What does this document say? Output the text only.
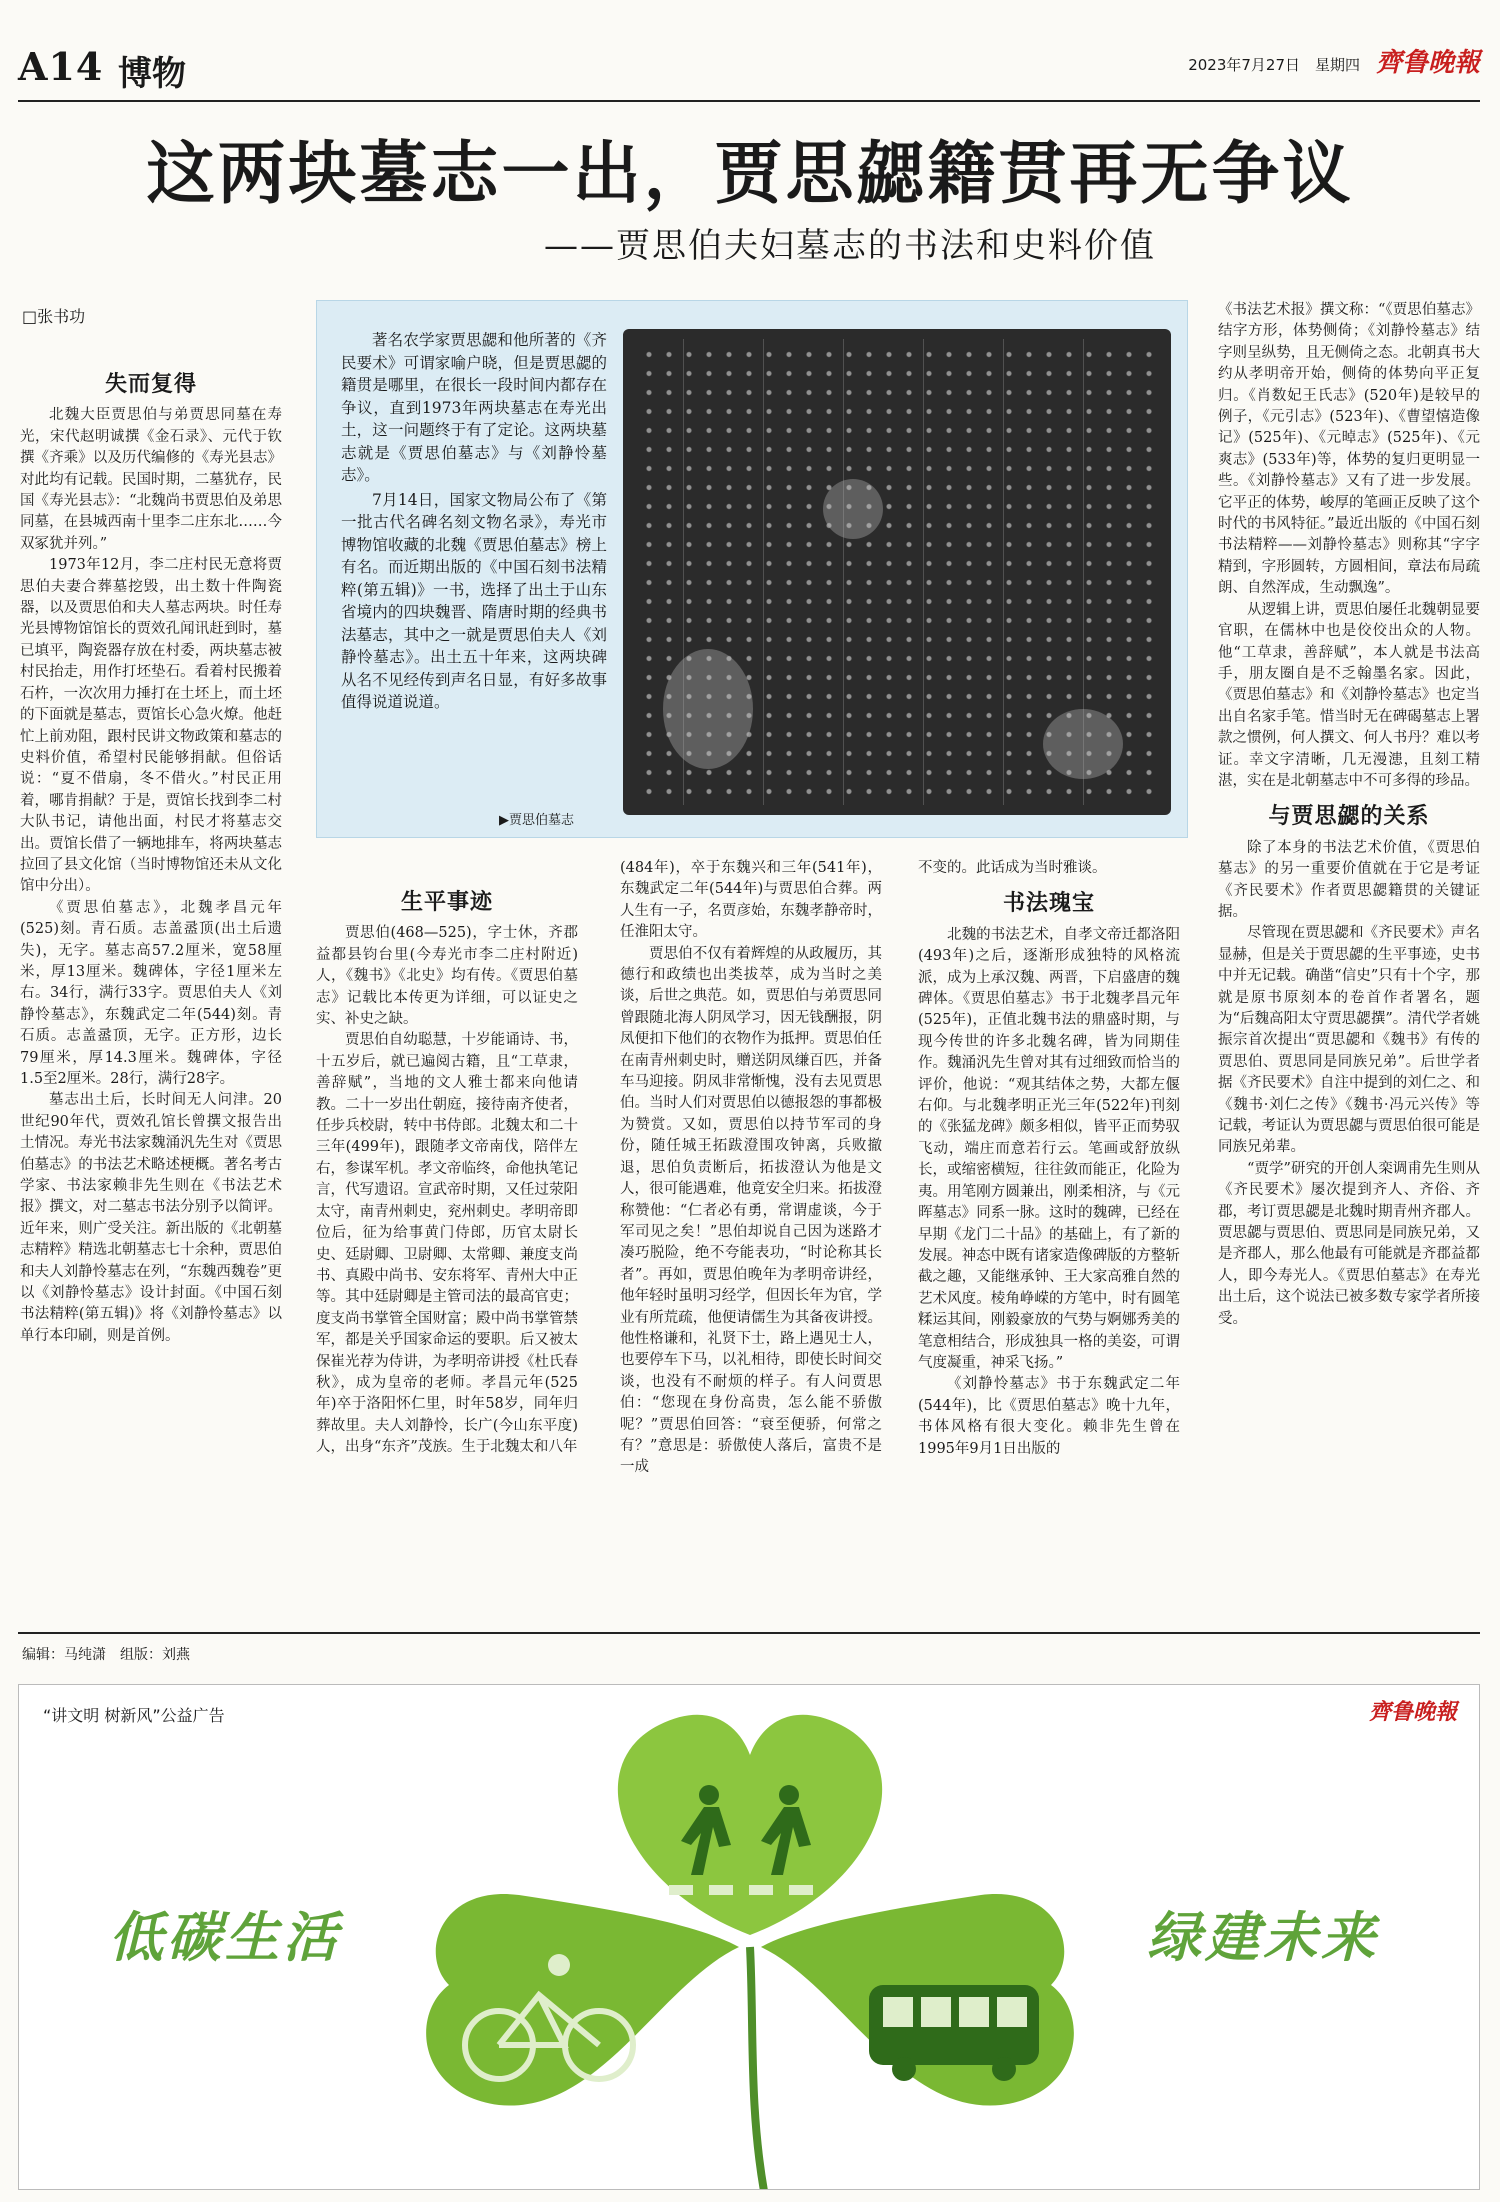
A14 博物	2023年7月27日 星期四 齊鲁晚報
这两块墓志一出，贾思勰籍贯再无争议
——贾思伯夫妇墓志的书法和史料价值
□张书功
失而复得

北魏大臣贾思伯与弟贾思同墓在寿光，宋代赵明诚撰《金石录》、元代于钦撰《齐乘》以及历代编修的《寿光县志》对此均有记载。民国时期，二墓犹存，民国《寿光县志》：“北魏尚书贾思伯及弟思同墓，在县城西南十里李二庄东北……今双冢犹并列。”

1973年12月，李二庄村民无意将贾思伯夫妻合葬墓挖毁，出土数十件陶瓷器，以及贾思伯和夫人墓志两块。时任寿光县博物馆馆长的贾效孔闻讯赶到时，墓已填平，陶瓷器存放在村委，两块墓志被村民抬走，用作打坯垫石。看着村民搬着石杵，一次次用力捶打在土坯上，而土坯的下面就是墓志，贾馆长心急火燎。他赶忙上前劝阻，跟村民讲文物政策和墓志的史料价值，希望村民能够捐献。但俗话说：“夏不借扇，冬不借火。”村民正用着，哪肯捐献？于是，贾馆长找到李二村大队书记，请他出面，村民才将墓志交出。贾馆长借了一辆地排车，将两块墓志拉回了县文化馆（当时博物馆还未从文化馆中分出）。

《贾思伯墓志》，北魏孝昌元年(525)刻。青石质。志盖盝顶(出土后遗失)，无字。墓志高57.2厘米，宽58厘米，厚13厘米。魏碑体，字径1厘米左右。34行，满行33字。贾思伯夫人《刘静怜墓志》，东魏武定二年(544)刻。青石质。志盖盝顶，无字。正方形，边长79厘米，厚14.3厘米。魏碑体，字径1.5至2厘米。28行，满行28字。

墓志出土后，长时间无人问津。20世纪90年代，贾效孔馆长曾撰文报告出土情况。寿光书法家魏涌汎先生对《贾思伯墓志》的书法艺术略述梗概。著名考古学家、书法家赖非先生则在《书法艺术报》撰文，对二墓志书法分别予以简评。近年来，则广受关注。新出版的《北朝墓志精粹》精选北朝墓志七十余种，贾思伯和夫人刘静怜墓志在列，“东魏西魏卷”更以《刘静怜墓志》设计封面。《中国石刻书法精粹(第五辑)》将《刘静怜墓志》以单行本印刷，则是首例。

著名农学家贾思勰和他所著的《齐民要术》可谓家喻户晓，但是贾思勰的籍贯是哪里，在很长一段时间内都存在争议，直到1973年两块墓志在寿光出土，这一问题终于有了定论。这两块墓志就是《贾思伯墓志》与《刘静怜墓志》。

7月14日，国家文物局公布了《第一批古代名碑名刻文物名录》，寿光市博物馆收藏的北魏《贾思伯墓志》榜上有名。而近期出版的《中国石刻书法精粹(第五辑)》一书，选择了出土于山东省境内的四块魏晋、隋唐时期的经典书法墓志，其中之一就是贾思伯夫人《刘静怜墓志》。出土五十年来，这两块碑从名不见经传到声名日显，有好多故事值得说道说道。

▶贾思伯墓志
生平事迹

贾思伯(468—525)，字士休，齐郡益都县钧台里(今寿光市李二庄村附近)人，《魏书》《北史》均有传。《贾思伯墓志》记载比本传更为详细，可以证史之实、补史之缺。

贾思伯自幼聪慧，十岁能诵诗、书，十五岁后，就已遍阅古籍，且“工草隶，善辞赋”，当地的文人雅士都来向他请教。二十一岁出仕朝庭，接待南齐使者，任步兵校尉，转中书侍郎。北魏太和二十三年(499年)，跟随孝文帝南伐，陪伴左右，参谋军机。孝文帝临终，命他执笔记言，代写遗诏。宣武帝时期，又任过荥阳太守，南青州刺史，兖州刺史。孝明帝即位后，征为给事黄门侍郎，历官太尉长史、廷尉卿、卫尉卿、太常卿、兼度支尚书、真殿中尚书、安东将军、青州大中正等。其中廷尉卿是主管司法的最高官吏；度支尚书掌管全国财富；殿中尚书掌管禁军，都是关乎国家命运的要职。后又被太保崔光荐为侍讲，为孝明帝讲授《杜氏春秋》，成为皇帝的老师。孝昌元年(525年)卒于洛阳怀仁里，时年58岁，同年归葬故里。夫人刘静怜，长广(今山东平度)人，出身“东齐”茂族。生于北魏太和八年

(484年)，卒于东魏兴和三年(541年)，东魏武定二年(544年)与贾思伯合葬。两人生有一子，名贾彦始，东魏孝静帝时，任淮阳太守。

贾思伯不仅有着辉煌的从政履历，其德行和政绩也出类拔萃，成为当时之美谈，后世之典范。如，贾思伯与弟贾思同曾跟随北海人阴凤学习，因无钱酬报，阴凤便扣下他们的衣物作为抵押。贾思伯任在南青州刺史时，赠送阴凤缣百匹，并备车马迎接。阴凤非常惭愧，没有去见贾思伯。当时人们对贾思伯以德报怨的事都极为赞赏。又如，贾思伯以持节军司的身份，随任城王拓跋澄围攻钟离，兵败撤退，思伯负责断后，拓拔澄认为他是文人，很可能遇难，他竟安全归来。拓拔澄称赞他：“仁者必有勇，常谓虚谈，今于军司见之矣！”思伯却说自己因为迷路才凑巧脱险，绝不夸能表功，“时论称其长者”。再如，贾思伯晚年为孝明帝讲经，他年轻时虽明习经学，但因长年为官，学业有所荒疏，他便请儒生为其备夜讲授。他性格谦和，礼贤下士，路上遇见士人，也要停车下马，以礼相待，即使长时间交谈，也没有不耐烦的样子。有人问贾思伯：“您现在身份高贵，怎么能不骄傲呢？”贾思伯回答：“衰至便骄，何常之有？”意思是：骄傲使人落后，富贵不是一成

不变的。此话成为当时雅谈。

书法瑰宝

北魏的书法艺术，自孝文帝迁都洛阳(493年)之后，逐渐形成独特的风格流派，成为上承汉魏、两晋，下启盛唐的魏碑体。《贾思伯墓志》书于北魏孝昌元年(525年)，正值北魏书法的鼎盛时期，与现今传世的许多北魏名碑，皆为同期佳作。魏涌汎先生曾对其有过细致而恰当的评价，他说：“观其结体之势，大都左偃右仰。与北魏孝明正光三年(522年)刊刻的《张猛龙碑》颇多相似，皆平正而势驭飞动，端庄而意若行云。笔画或舒放纵长，或缩密横短，往往敛而能正，化险为夷。用笔刚方圆兼出，刚柔相济，与《元晖墓志》同系一脉。这时的魏碑，已经在早期《龙门二十品》的基础上，有了新的发展。神态中既有诸家造像碑版的方整斩截之趣，又能继承钟、王大家高雅自然的艺术风度。棱角峥嵘的方笔中，时有圆笔糅运其间，刚毅豪放的气势与婀娜秀美的笔意相结合，形成独具一格的美姿，可谓气度凝重，神采飞扬。”

《刘静怜墓志》书于东魏武定二年(544年)，比《贾思伯墓志》晚十九年，书体风格有很大变化。赖非先生曾在1995年9月1日出版的

《书法艺术报》撰文称：“《贾思伯墓志》结字方形，体势侧倚；《刘静怜墓志》结字则呈纵势，且无侧倚之态。北朝真书大约从孝明帝开始，侧倚的体势向平正复归。《肖数妃王氏志》(520年)是较早的例子，《元引志》(523年)、《曹望憘造像记》(525年)、《元晫志》(525年)、《元爽志》(533年)等，体势的复归更明显一些。《刘静怜墓志》又有了进一步发展。它平正的体势，峻厚的笔画正反映了这个时代的书风特征。”最近出版的《中国石刻书法精粹——刘静怜墓志》则称其“字字精到，字形圆转，方圆相间，章法布局疏朗、自然浑成，生动飘逸”。

从逻辑上讲，贾思伯屡任北魏朝显要官职，在儒林中也是佼佼出众的人物。他“工草隶，善辞赋”，本人就是书法高手，朋友圈自是不乏翰墨名家。因此，《贾思伯墓志》和《刘静怜墓志》也定当出自名家手笔。惜当时无在碑碣墓志上署款之惯例，何人撰文、何人书丹？难以考证。幸文字清晰，几无漫漶，且刻工精湛，实在是北朝墓志中不可多得的珍品。

与贾思勰的关系

除了本身的书法艺术价值，《贾思伯墓志》的另一重要价值就在于它是考证《齐民要术》作者贾思勰籍贯的关键证据。

尽管现在贾思勰和《齐民要术》声名显赫，但是关于贾思勰的生平事迹，史书中并无记载。确凿“信史”只有十个字，那就是原书原刻本的卷首作者署名，题为“后魏高阳太守贾思勰撰”。清代学者姚振宗首次提出“贾思勰和《魏书》有传的贾思伯、贾思同是同族兄弟”。后世学者据《齐民要术》自注中提到的刘仁之、和《魏书·刘仁之传》《魏书·冯元兴传》等记载，考证认为贾思勰与贾思伯很可能是同族兄弟辈。

“贾学”研究的开创人栾调甫先生则从《齐民要术》屡次提到齐人、齐俗、齐郡，考订贾思勰是北魏时期青州齐郡人。贾思勰与贾思伯、贾思同是同族兄弟，又是齐郡人，那么他最有可能就是齐郡益都人，即今寿光人。《贾思伯墓志》在寿光出土后，这个说法已被多数专家学者所接受。

编辑：马纯潇　组版：刘燕
“讲文明 树新风”公益广告	齊鲁晚報
低碳生活	绿建未来
